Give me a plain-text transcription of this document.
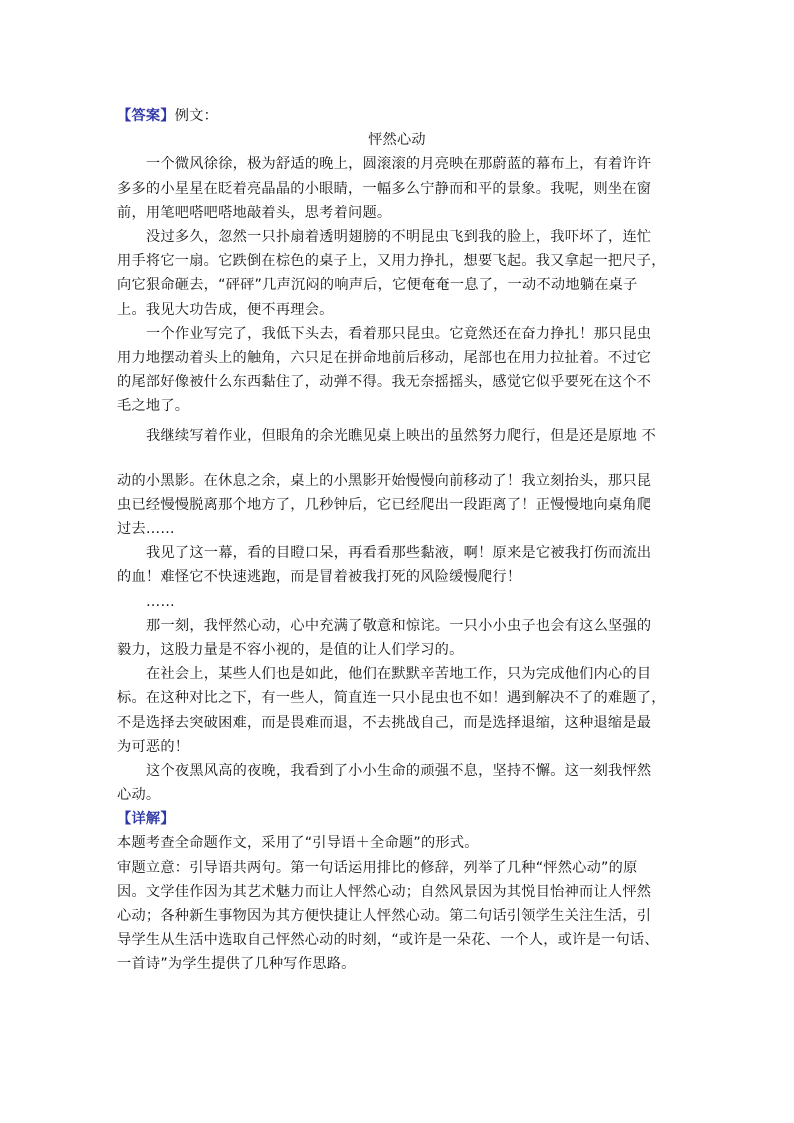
【答案】例文：
怦然心动
一个微风徐徐，极为舒适的晚上，圆滚滚的月亮映在那蔚蓝的幕布上，有着许许
多多的小星星在眨着亮晶晶的小眼睛，一幅多么宁静而和平的景象。我呢，则坐在窗
前，用笔吧嗒吧嗒地敲着头，思考着问题。
没过多久，忽然一只扑扇着透明翅膀的不明昆虫飞到我的脸上，我吓坏了，连忙
用手将它一扇。它跌倒在棕色的桌子上，又用力挣扎，想要飞起。我又拿起一把尺子，
向它狠命砸去，“砰砰”几声沉闷的响声后，它便奄奄一息了，一动不动地躺在桌子
上。我见大功告成，便不再理会。
一个作业写完了，我低下头去，看着那只昆虫。它竟然还在奋力挣扎！那只昆虫
用力地摆动着头上的触角，六只足在拼命地前后移动，尾部也在用力拉扯着。不过它
的尾部好像被什么东西黏住了，动弹不得。我无奈摇摇头，感觉它似乎要死在这个不
毛之地了。
我继续写着作业，但眼角的余光瞧见桌上映出的虽然努力爬行，但是还是原地 不
动的小黑影。在休息之余，桌上的小黑影开始慢慢向前移动了！我立刻抬头，那只昆
虫已经慢慢脱离那个地方了，几秒钟后，它已经爬出一段距离了！正慢慢地向桌角爬
过去……
我见了这一幕，看的目瞪口呆，再看看那些黏液，啊！原来是它被我打伤而流出
的血！难怪它不快速逃跑，而是冒着被我打死的风险缓慢爬行！
……
那一刻，我怦然心动，心中充满了敬意和惊诧。一只小小虫子也会有这么坚强的
毅力，这股力量是不容小视的，是值的让人们学习的。
在社会上，某些人们也是如此，他们在默默辛苦地工作，只为完成他们内心的目
标。在这种对比之下，有一些人，简直连一只小昆虫也不如！遇到解决不了的难题了，
不是选择去突破困难，而是畏难而退，不去挑战自己，而是选择退缩，这种退缩是最
为可恶的！
这个夜黑风高的夜晚，我看到了小小生命的顽强不息，坚持不懈。这一刻我怦然
心动。
【详解】
本题考查全命题作文，采用了“引导语＋全命题”的形式。
审题立意：引导语共两句。第一句话运用排比的修辞，列举了几种“怦然心动”的原
因。文学佳作因为其艺术魅力而让人怦然心动；自然风景因为其悦目怡神而让人怦然
心动；各种新生事物因为其方便快捷让人怦然心动。第二句话引领学生关注生活，引
导学生从生活中选取自己怦然心动的时刻，“或许是一朵花、一个人，或许是一句话、
一首诗”为学生提供了几种写作思路。
